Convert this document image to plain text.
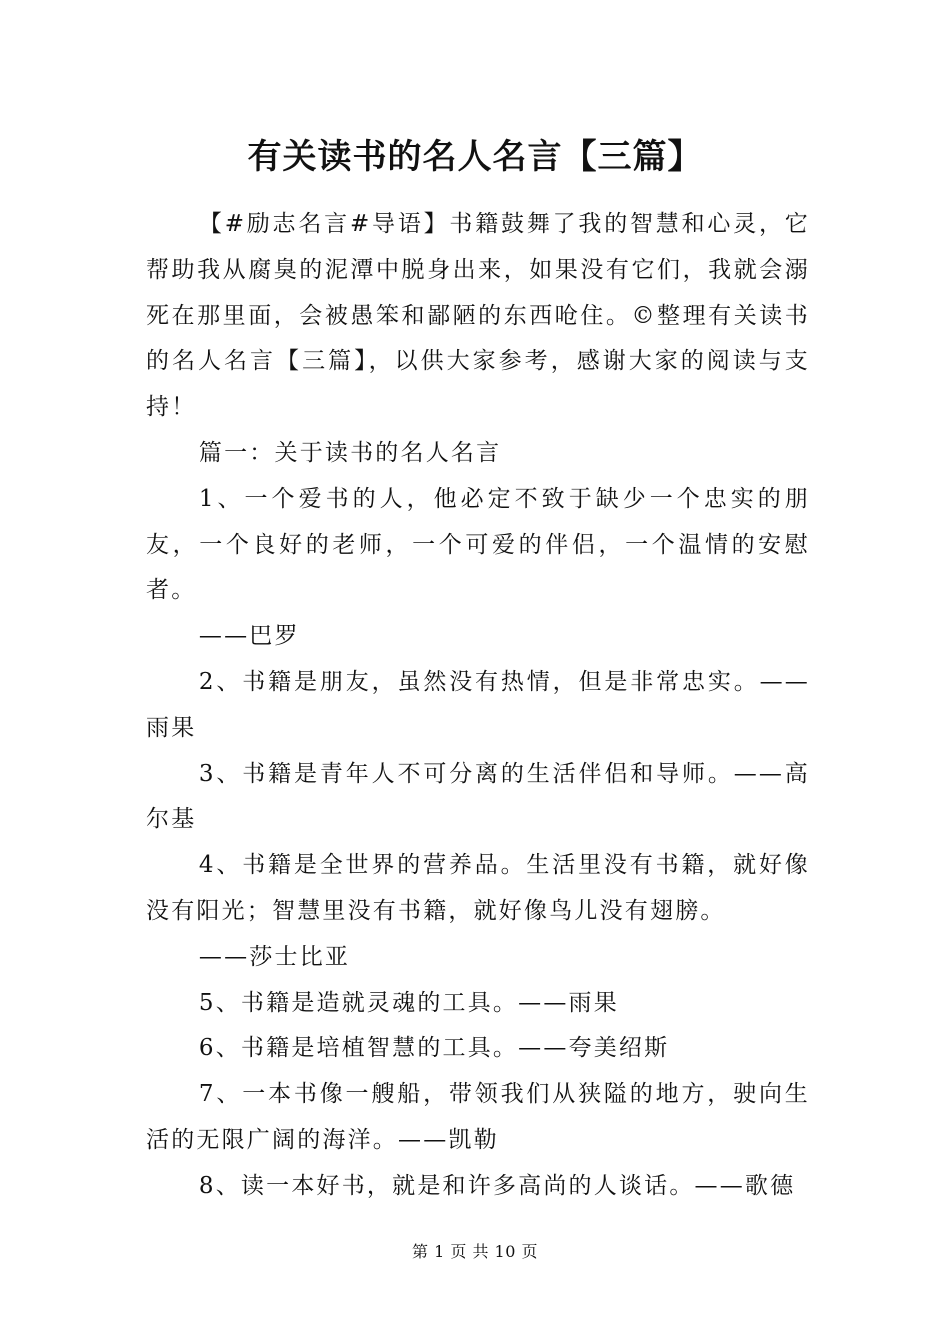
有关读书的名人名言【三篇】

【#励志名言#导语】书籍鼓舞了我的智慧和心灵，它帮助我从腐臭的泥潭中脱身出来，如果没有它们，我就会溺死在那里面，会被愚笨和鄙陋的东西呛住。©整理有关读书的名人名言【三篇】，以供大家参考，感谢大家的阅读与支持！

篇一：关于读书的名人名言

1、一个爱书的人，他必定不致于缺少一个忠实的朋友，一个良好的老师，一个可爱的伴侣，一个温情的安慰者。

——巴罗

2、书籍是朋友，虽然没有热情，但是非常忠实。——雨果

3、书籍是青年人不可分离的生活伴侣和导师。——高尔基

4、书籍是全世界的营养品。生活里没有书籍，就好像没有阳光；智慧里没有书籍，就好像鸟儿没有翅膀。

——莎士比亚

5、书籍是造就灵魂的工具。——雨果

6、书籍是培植智慧的工具。——夸美绍斯

7、一本书像一艘船，带领我们从狭隘的地方，驶向生活的无限广阔的海洋。——凯勒

8、读一本好书，就是和许多高尚的人谈话。——歌德

第 1 页 共 10 页
